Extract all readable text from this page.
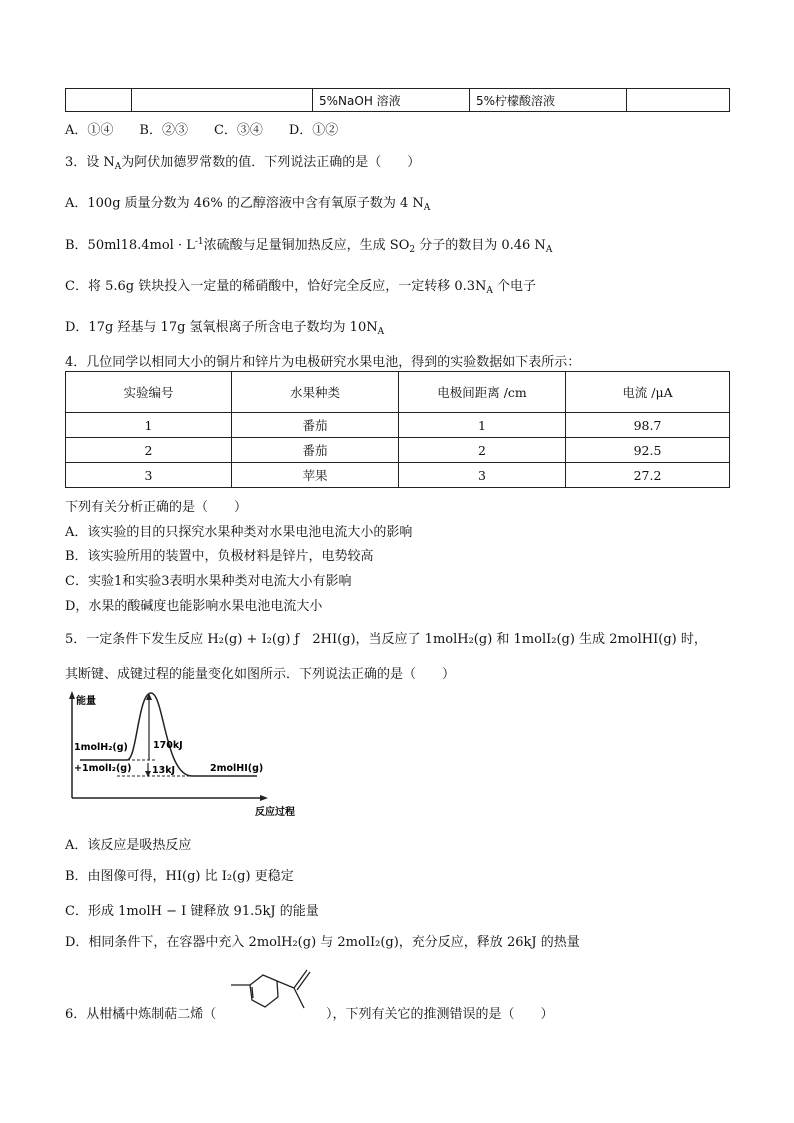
		5%NaOH 溶液	5%柠檬酸溶液	
A．①④　　B．②③　　C．③④　　D．①②
3．设 $N_A$为阿伏加德罗常数的值．下列说法正确的是（　　）
A．100g 质量分数为 46% 的乙醇溶液中含有氧原子数为 4 $N_A$
B．$50ml18.4mol \cdot L^{-1}$浓硫酸与足量铜加热反应，生成 $SO_2$ 分子的数目为 0.46 $N_A$
C．将 5.6g 铁块投入一定量的稀硝酸中，恰好完全反应，一定转移 $0.3N_A$ 个电子
D．17g 羟基与 17g 氢氧根离子所含电子数均为 $10N_A$
4．几位同学以相同大小的铜片和锌片为电极研究水果电池，得到的实验数据如下表所示：
实验编号	水果种类	电极间距离 /cm	电流 /μA
1	番茄	1	98.7
2	番茄	2	92.5
3	苹果	3	27.2
下列有关分析正确的是（　　）
A．该实验的目的只探究水果种类对水果电池电流大小的影响
B．该实验所用的装置中，负极材料是锌片，电势较高
C．实验1和实验3表明水果种类对电流大小有影响
D，水果的酸碱度也能影响水果电池电流大小
5．一定条件下发生反应 H₂(g) + I₂(g) ƒ　2HI(g)，当反应了 1molH₂(g) 和 1molI₂(g) 生成 2molHI(g) 时，
其断键、成键过程的能量变化如图所示．下列说法正确的是（　　）
能量
1molH₂(g)
+1molI₂(g)
170kJ
13kJ	2molHI(g)
反应过程
A．该反应是吸热反应
B．由图像可得，HI(g) 比 I₂(g) 更稳定
C．形成 1molH − I 键释放 91.5kJ 的能量
D．相同条件下，在容器中充入 2molH₂(g) 与 2molI₂(g)，充分反应，释放 26kJ 的热量
6．从柑橘中炼制萜二烯（	），下列有关它的推测错误的是（　　）
